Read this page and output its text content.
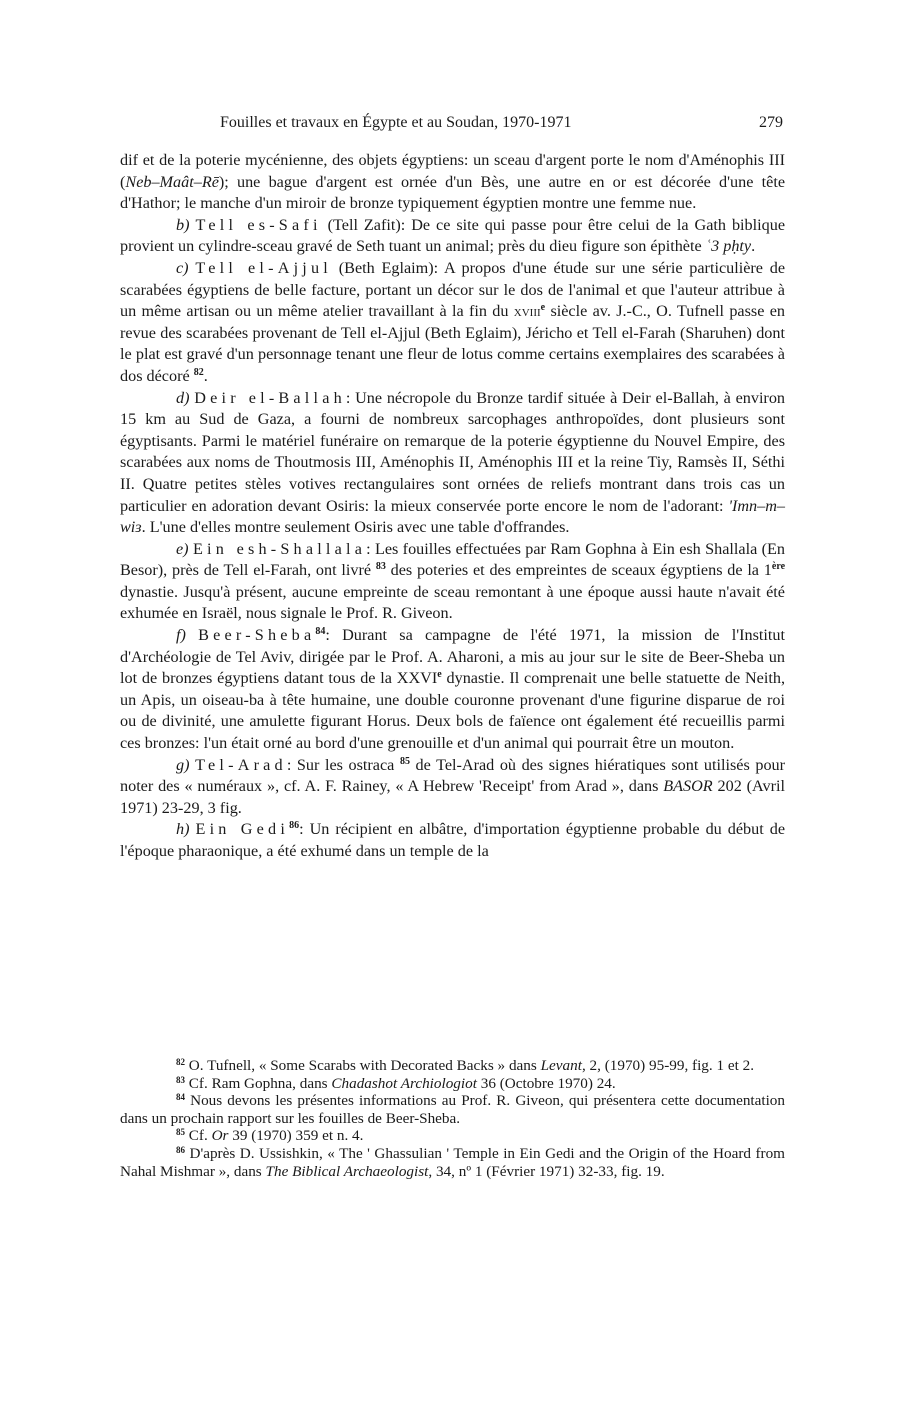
Fouilles et travaux en Égypte et au Soudan, 1970-1971	279

dif et de la poterie mycénienne, des objets égyptiens: un sceau d'argent porte le nom d'Aménophis III (Neb–Maât–Rē); une bague d'argent est ornée d'un Bès, une autre en or est décorée d'une tête d'Hathor; le manche d'un miroir de bronze typiquement égyptien montre une femme nue.

b) Tell es-Safi (Tell Zafit): De ce site qui passe pour être celui de la Gath biblique provient un cylindre-sceau gravé de Seth tuant un animal; près du dieu figure son épithète ʿ3 pḥty.

c) Tell el-Ajjul (Beth Eglaim): A propos d'une étude sur une série particulière de scarabées égyptiens de belle facture, portant un décor sur le dos de l'animal et que l'auteur attribue à un même artisan ou un même atelier travaillant à la fin du xviii$^e$ siècle av. J.-C., O. Tufnell passe en revue des scarabées provenant de Tell el-Ajjul (Beth Eglaim), Jéricho et Tell el-Farah (Sharuhen) dont le plat est gravé d'un personnage tenant une fleur de lotus comme certains exemplaires des scarabées à dos décoré $^{82}$.

d) Deir el-Ballah: Une nécropole du Bronze tardif située à Deir el-Ballah, à environ 15 km au Sud de Gaza, a fourni de nombreux sarcophages anthropoïdes, dont plusieurs sont égyptisants. Parmi le matériel funéraire on remarque de la poterie égyptienne du Nouvel Empire, des scarabées aux noms de Thoutmosis III, Aménophis II, Aménophis III et la reine Tiy, Ramsès II, Séthi II. Quatre petites stèles votives rectangulaires sont ornées de reliefs montrant dans trois cas un particulier en adoration devant Osiris: la mieux conservée porte encore le nom de l'adorant: 'Imn–m–wiɜ. L'une d'elles montre seulement Osiris avec une table d'offrandes.

e) Ein esh-Shallala: Les fouilles effectuées par Ram Gophna à Ein esh Shallala (En Besor), près de Tell el-Farah, ont livré $^{83}$ des poteries et des empreintes de sceaux égyptiens de la 1ère dynastie. Jusqu'à présent, aucune empreinte de sceau remontant à une époque aussi haute n'avait été exhumée en Israël, nous signale le Prof. R. Giveon.

f) Beer-Sheba$^{84}$: Durant sa campagne de l'été 1971, la mission de l'Institut d'Archéologie de Tel Aviv, dirigée par le Prof. A. Aharoni, a mis au jour sur le site de Beer-Sheba un lot de bronzes égyptiens datant tous de la XXVIe dynastie. Il comprenait une belle statuette de Neith, un Apis, un oiseau-ba à tête humaine, une double couronne provenant d'une figurine disparue de roi ou de divinité, une amulette figurant Horus. Deux bols de faïence ont également été recueillis parmi ces bronzes: l'un était orné au bord d'une grenouille et d'un animal qui pourrait être un mouton.

g) Tel-Arad: Sur les ostraca $^{85}$ de Tel-Arad où des signes hiératiques sont utilisés pour noter des « numéraux », cf. A. F. Rainey, « A Hebrew 'Receipt' from Arad », dans BASOR 202 (Avril 1971) 23-29, 3 fig.

h) Ein Gedi$^{86}$: Un récipient en albâtre, d'importation égyptienne probable du début de l'époque pharaonique, a été exhumé dans un temple de la

$^{82}$ O. Tufnell, « Some Scarabs with Decorated Backs » dans Levant, 2, (1970) 95-99, fig. 1 et 2.

$^{83}$ Cf. Ram Gophna, dans Chadashot Archiologiot 36 (Octobre 1970) 24.

$^{84}$ Nous devons les présentes informations au Prof. R. Giveon, qui présentera cette documentation dans un prochain rapport sur les fouilles de Beer-Sheba.

$^{85}$ Cf. Or 39 (1970) 359 et n. 4.

$^{86}$ D'après D. Ussishkin, « The ' Ghassulian ' Temple in Ein Gedi and the Origin of the Hoard from Nahal Mishmar », dans The Biblical Archaeologist, 34, nº 1 (Février 1971) 32-33, fig. 19.
